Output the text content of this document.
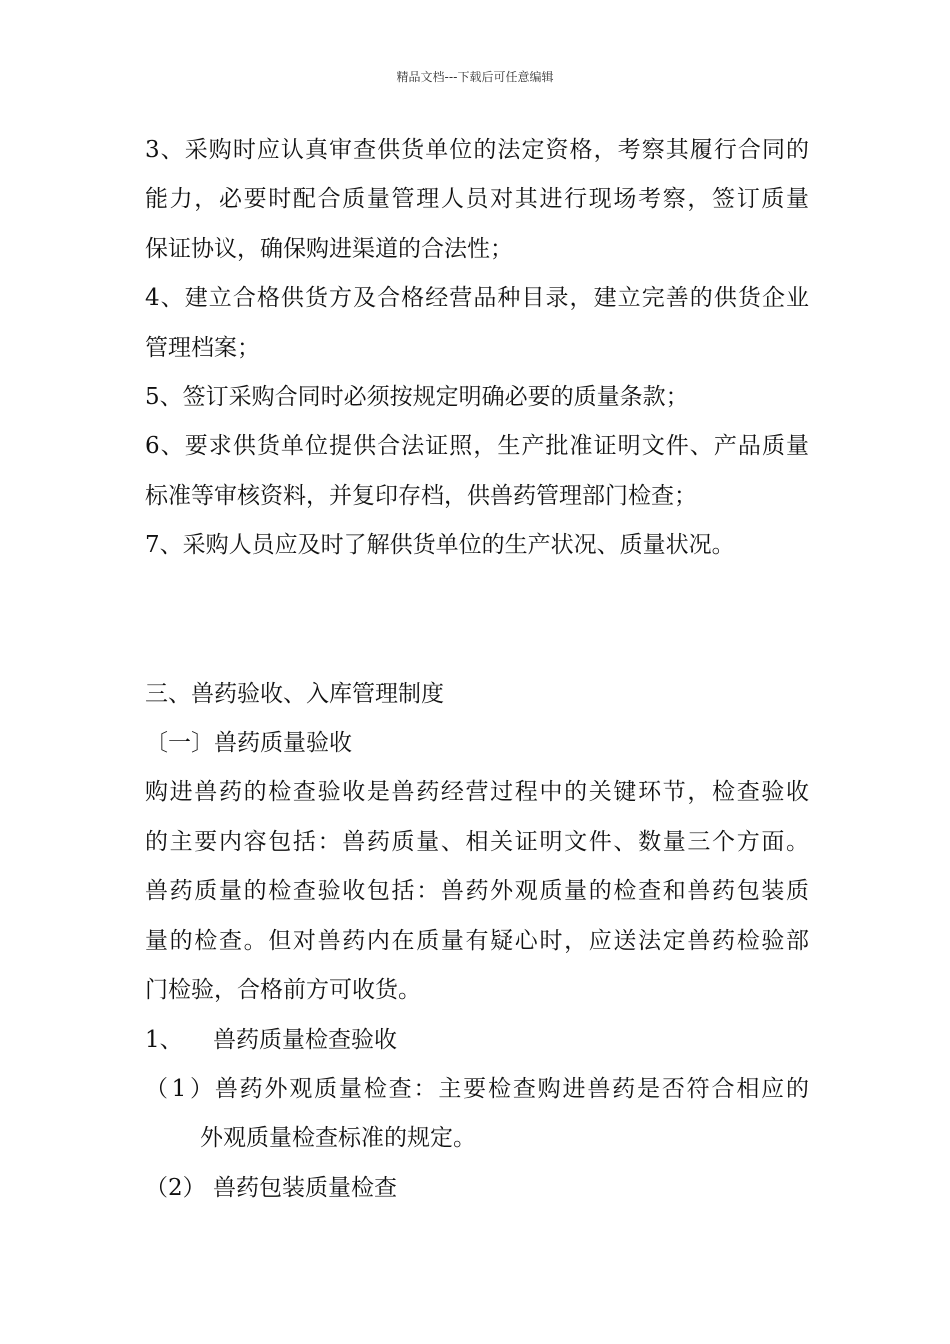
精品文档---下载后可任意编辑

3、采购时应认真审查供货单位的法定资格，考察其履行合同的

能力，必要时配合质量管理人员对其进行现场考察，签订质量

保证协议，确保购进渠道的合法性；

4、建立合格供货方及合格经营品种目录，建立完善的供货企业

管理档案；

5、签订采购合同时必须按规定明确必要的质量条款；

6、要求供货单位提供合法证照，生产批准证明文件、产品质量

标准等审核资料，并复印存档，供兽药管理部门检查；

7、采购人员应及时了解供货单位的生产状况、质量状况。

三、兽药验收、入库管理制度

〔一〕兽药质量验收

购进兽药的检查验收是兽药经营过程中的关键环节，检查验收

的主要内容包括：兽药质量、相关证明文件、数量三个方面。

兽药质量的检查验收包括：兽药外观质量的检查和兽药包装质

量的检查。但对兽药内在质量有疑心时，应送法定兽药检验部

门检验，合格前方可收货。

1、 兽药质量检查验收

（1）兽药外观质量检查：主要检查购进兽药是否符合相应的

外观质量检查标准的规定。

（2） 兽药包装质量检查
